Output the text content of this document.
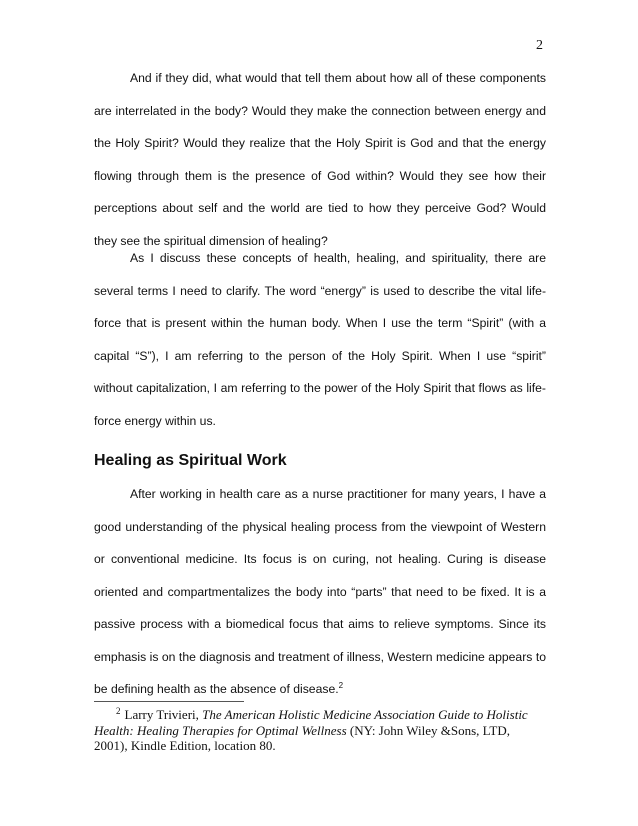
2

And if they did, what would that tell them about how all of these components are interrelated in the body? Would they make the connection between energy and the Holy Spirit? Would they realize that the Holy Spirit is God and that the energy flowing through them is the presence of God within? Would they see how their perceptions about self and the world are tied to how they perceive God? Would they see the spiritual dimension of healing?

As I discuss these concepts of health, healing, and spirituality, there are several terms I need to clarify. The word “energy” is used to describe the vital life-force that is present within the human body. When I use the term “Spirit” (with a capital “S”), I am referring to the person of the Holy Spirit. When I use “spirit” without capitalization, I am referring to the power of the Holy Spirit that flows as life-force energy within us.

Healing as Spiritual Work

After working in health care as a nurse practitioner for many years, I have a good understanding of the physical healing process from the viewpoint of Western or conventional medicine. Its focus is on curing, not healing. Curing is disease oriented and compartmentalizes the body into “parts” that need to be fixed. It is a passive process with a biomedical focus that aims to relieve symptoms. Since its emphasis is on the diagnosis and treatment of illness, Western medicine appears to be defining health as the absence of disease.$^2$

$^2$ Larry Trivieri, The American Holistic Medicine Association Guide to Holistic Health: Healing Therapies for Optimal Wellness (NY: John Wiley &Sons, LTD, 2001), Kindle Edition, location 80.
